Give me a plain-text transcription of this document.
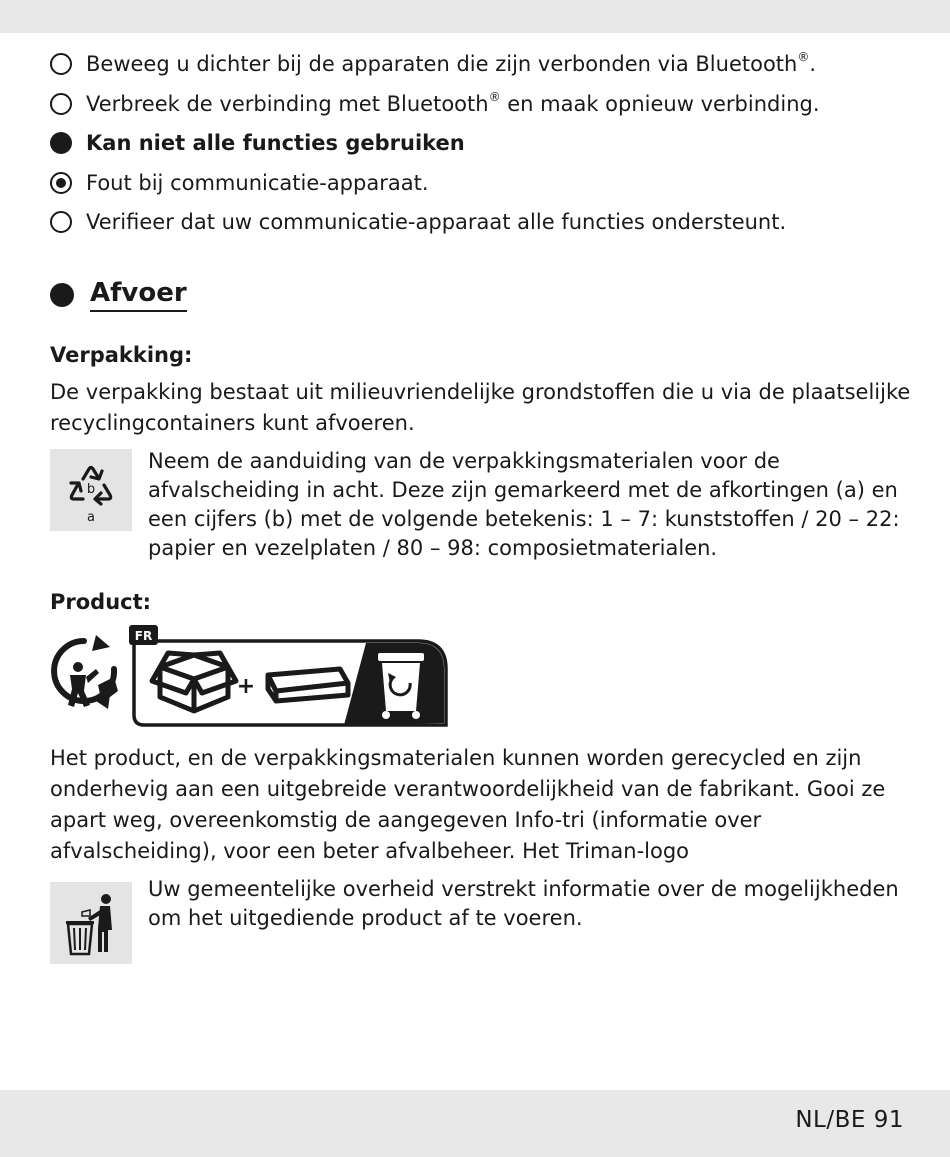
Beweeg u dichter bij de apparaten die zijn verbonden via Bluetooth®.
Verbreek de verbinding met Bluetooth® en maak opnieuw verbinding.
Kan niet alle functies gebruiken
Fout bij communicatie-apparaat.
Verifieer dat uw communicatie-apparaat alle functies ondersteunt.
Afvoer
Verpakking:
De verpakking bestaat uit milieuvriendelijke grondstoffen die u via de plaatselijke recyclingcontainers kunt afvoeren.
b
a
Neem de aanduiding van de verpakkingsmaterialen voor de afvalscheiding in acht. Deze zijn gemarkeerd met de afkortingen (a) en een cijfers (b) met de volgende betekenis: 1 – 7: kunststoffen / 20 – 22: papier en vezelplaten / 80 – 98: composietmaterialen.
Product:
FR
+
Het product, en de verpakkingsmaterialen kunnen worden gerecycled en zijn onderhevig aan een uitgebreide verantwoordelijkheid van de fabrikant. Gooi ze apart weg, overeenkomstig de aangegeven Info-tri (informatie over afvalscheiding), voor een beter afvalbeheer. Het Triman-logo
Uw gemeentelijke overheid verstrekt informatie over de mogelijkheden om het uitgediende product af te voeren.
NL/BE 91
